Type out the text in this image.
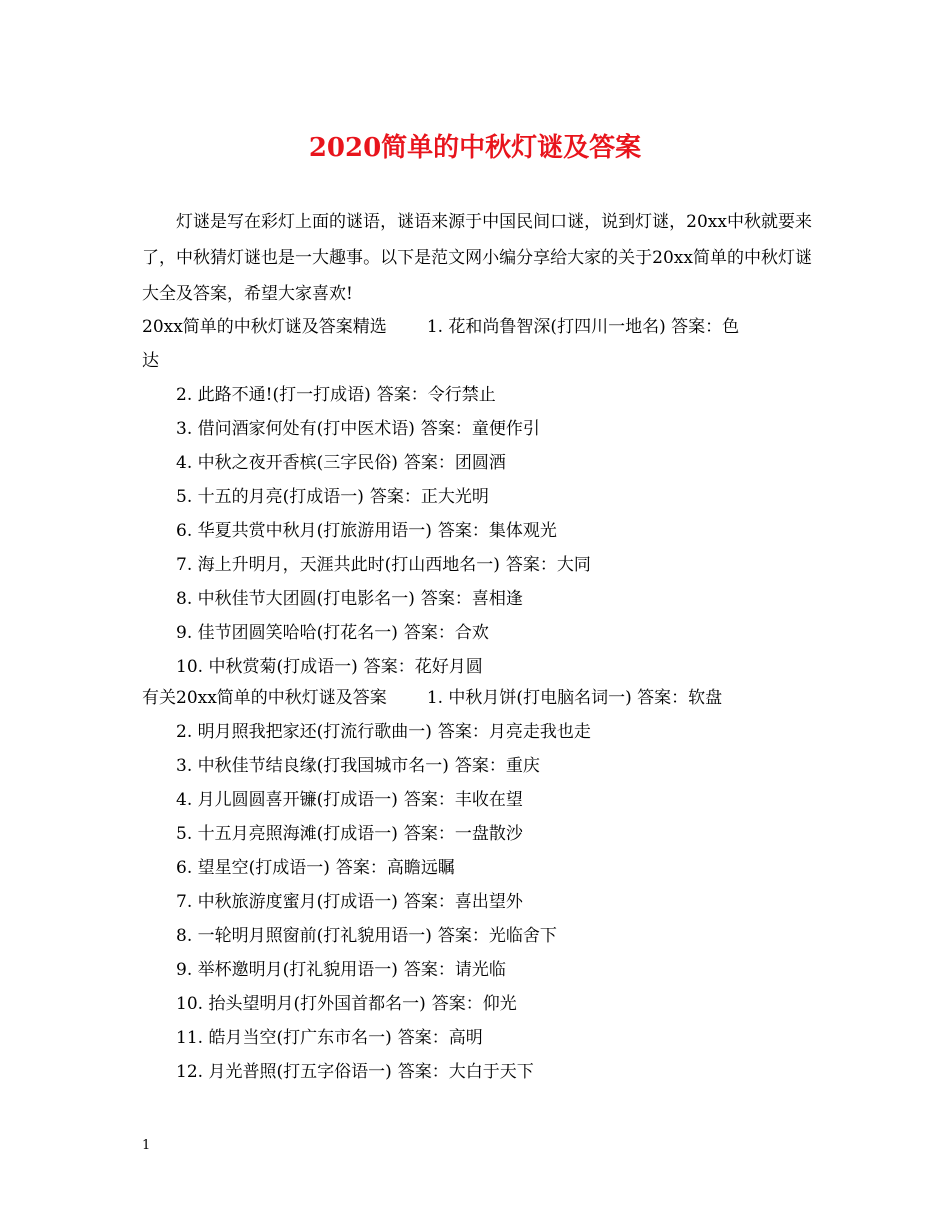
2020简单的中秋灯谜及答案

灯谜是写在彩灯上面的谜语，谜语来源于中国民间口谜，说到灯谜，20xx中秋就要来了，中秋猜灯谜也是一大趣事。以下是范文网小编分享给大家的关于20xx简单的中秋灯谜大全及答案，希望大家喜欢!

20xx简单的中秋灯谜及答案精选 1. 花和尚鲁智深(打四川一地名) 答案：色
达
2. 此路不通!(打一打成语) 答案：令行禁止
3. 借问酒家何处有(打中医术语) 答案：童便作引
4. 中秋之夜开香槟(三字民俗) 答案：团圆酒
5. 十五的月亮(打成语一) 答案：正大光明
6. 华夏共赏中秋月(打旅游用语一) 答案：集体观光
7. 海上升明月，天涯共此时(打山西地名一) 答案：大同
8. 中秋佳节大团圆(打电影名一) 答案：喜相逢
9. 佳节团圆笑哈哈(打花名一) 答案：合欢
10. 中秋赏菊(打成语一) 答案：花好月圆
有关20xx简单的中秋灯谜及答案 1. 中秋月饼(打电脑名词一) 答案：软盘
2. 明月照我把家还(打流行歌曲一) 答案：月亮走我也走
3. 中秋佳节结良缘(打我国城市名一) 答案：重庆
4. 月儿圆圆喜开镰(打成语一) 答案：丰收在望
5. 十五月亮照海滩(打成语一) 答案：一盘散沙
6. 望星空(打成语一) 答案：高瞻远瞩
7. 中秋旅游度蜜月(打成语一) 答案：喜出望外
8. 一轮明月照窗前(打礼貌用语一) 答案：光临舍下
9. 举杯邀明月(打礼貌用语一) 答案：请光临
10. 抬头望明月(打外国首都名一) 答案：仰光
11. 皓月当空(打广东市名一) 答案：高明
12. 月光普照(打五字俗语一) 答案：大白于天下
1
